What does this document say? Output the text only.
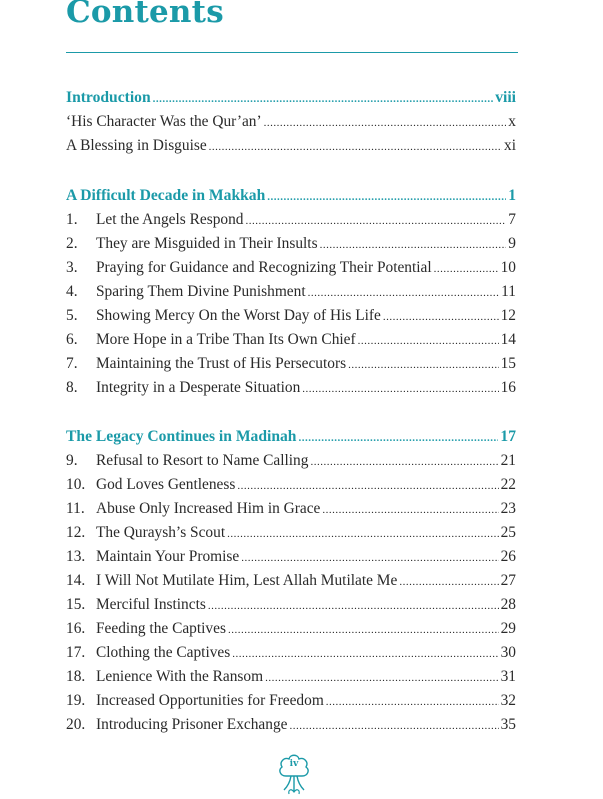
Contents
Introduction .....	viii
‘His Character Was the Qur’an’ .....	x
A Blessing in Disguise .....	xi
A Difficult Decade in Makkah .....	1
1.	Let the Angels Respond .....	7
2.	They are Misguided in Their Insults .....	9
3.	Praying for Guidance and Recognizing Their Potential .....	10
4.	Sparing Them Divine Punishment .....	11
5.	Showing Mercy On the Worst Day of His Life .....	12
6.	More Hope in a Tribe Than Its Own Chief .....	14
7.	Maintaining the Trust of His Persecutors .....	15
8.	Integrity in a Desperate Situation .....	16
The Legacy Continues in Madinah .....	17
9.	Refusal to Resort to Name Calling .....	21
10. God Loves Gentleness .....	22
11. Abuse Only Increased Him in Grace .....	23
12. The Quraysh’s Scout .....	25
13. Maintain Your Promise .....	26
14. I Will Not Mutilate Him, Lest Allah Mutilate Me .....	27
15. Merciful Instincts .....	28
16. Feeding the Captives .....	29
17. Clothing the Captives .....	30
18. Lenience With the Ransom .....	31
19. Increased Opportunities for Freedom .....	32
20. Introducing Prisoner Exchange .....	35
iv
